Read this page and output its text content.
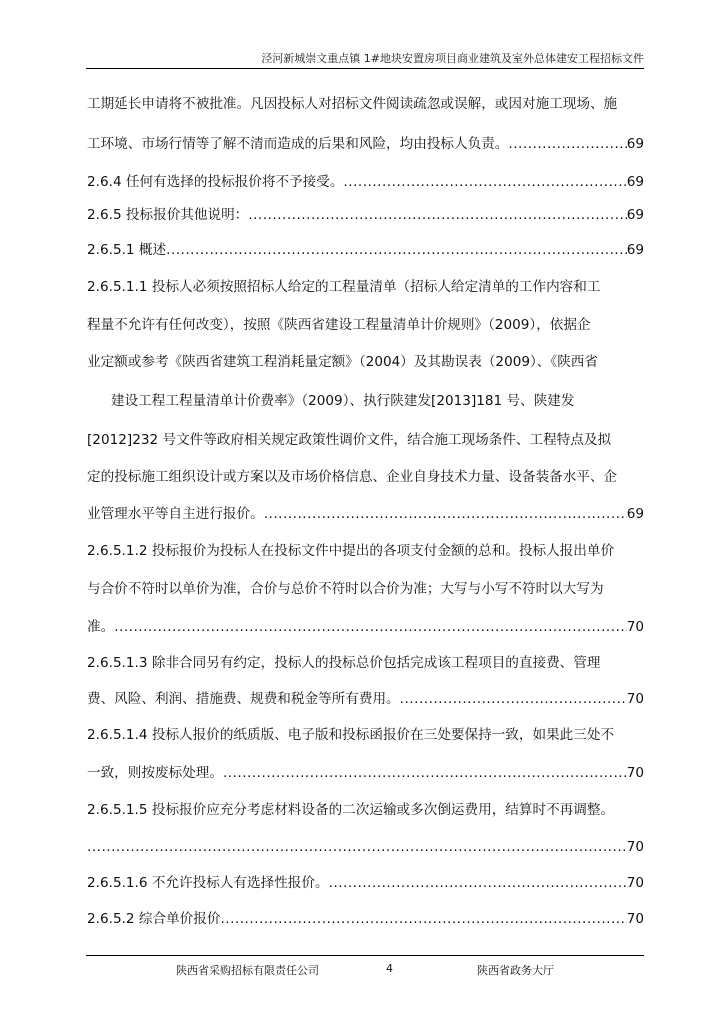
泾河新城崇文重点镇 1#地块安置房项目商业建筑及室外总体建安工程招标文件
工期延长申请将不被批准。凡因投标人对招标文件阅读疏忽或误解，或因对施工现场、施
工环境、市场行情等了解不清而造成的后果和风险，均由投标人负责。 .....	69
2.6.4 任何有选择的投标报价将不予接受。 .....	69
2.6.5 投标报价其他说明： .....	69
2.6.5.1 概述 .....	69
2.6.5.1.1 投标人必须按照招标人给定的工程量清单（招标人给定清单的工作内容和工
程量不允许有任何改变），按照《陕西省建设工程量清单计价规则》（2009），依据企
业定额或参考《陕西省建筑工程消耗量定额》（2004）及其勘误表（2009）、《陕西省
建设工程工程量清单计价费率》（2009）、执行陕建发[2013]181 号、陕建发
[2012]232 号文件等政府相关规定政策性调价文件，结合施工现场条件、工程特点及拟
定的投标施工组织设计或方案以及市场价格信息、企业自身技术力量、设备装备水平、企
业管理水平等自主进行报价。 .....	69
2.6.5.1.2 投标报价为投标人在投标文件中提出的各项支付金额的总和。投标人报出单价
与合价不符时以单价为准，合价与总价不符时以合价为准；大写与小写不符时以大写为
准。 .....	70
2.6.5.1.3 除非合同另有约定，投标人的投标总价包括完成该工程项目的直接费、管理
费、风险、利润、措施费、规费和税金等所有费用。 .....	70
2.6.5.1.4 投标人报价的纸质版、电子版和投标函报价在三处要保持一致，如果此三处不
一致，则按废标处理。 .....	70
2.6.5.1.5 投标报价应充分考虑材料设备的二次运输或多次倒运费用，结算时不再调整。
.....
70
2.6.5.1.6 不允许投标人有选择性报价。 .....	70
2.6.5.2 综合单价报价 .....	70
陕西省采购招标有限责任公司	4	陕西省政务大厅
